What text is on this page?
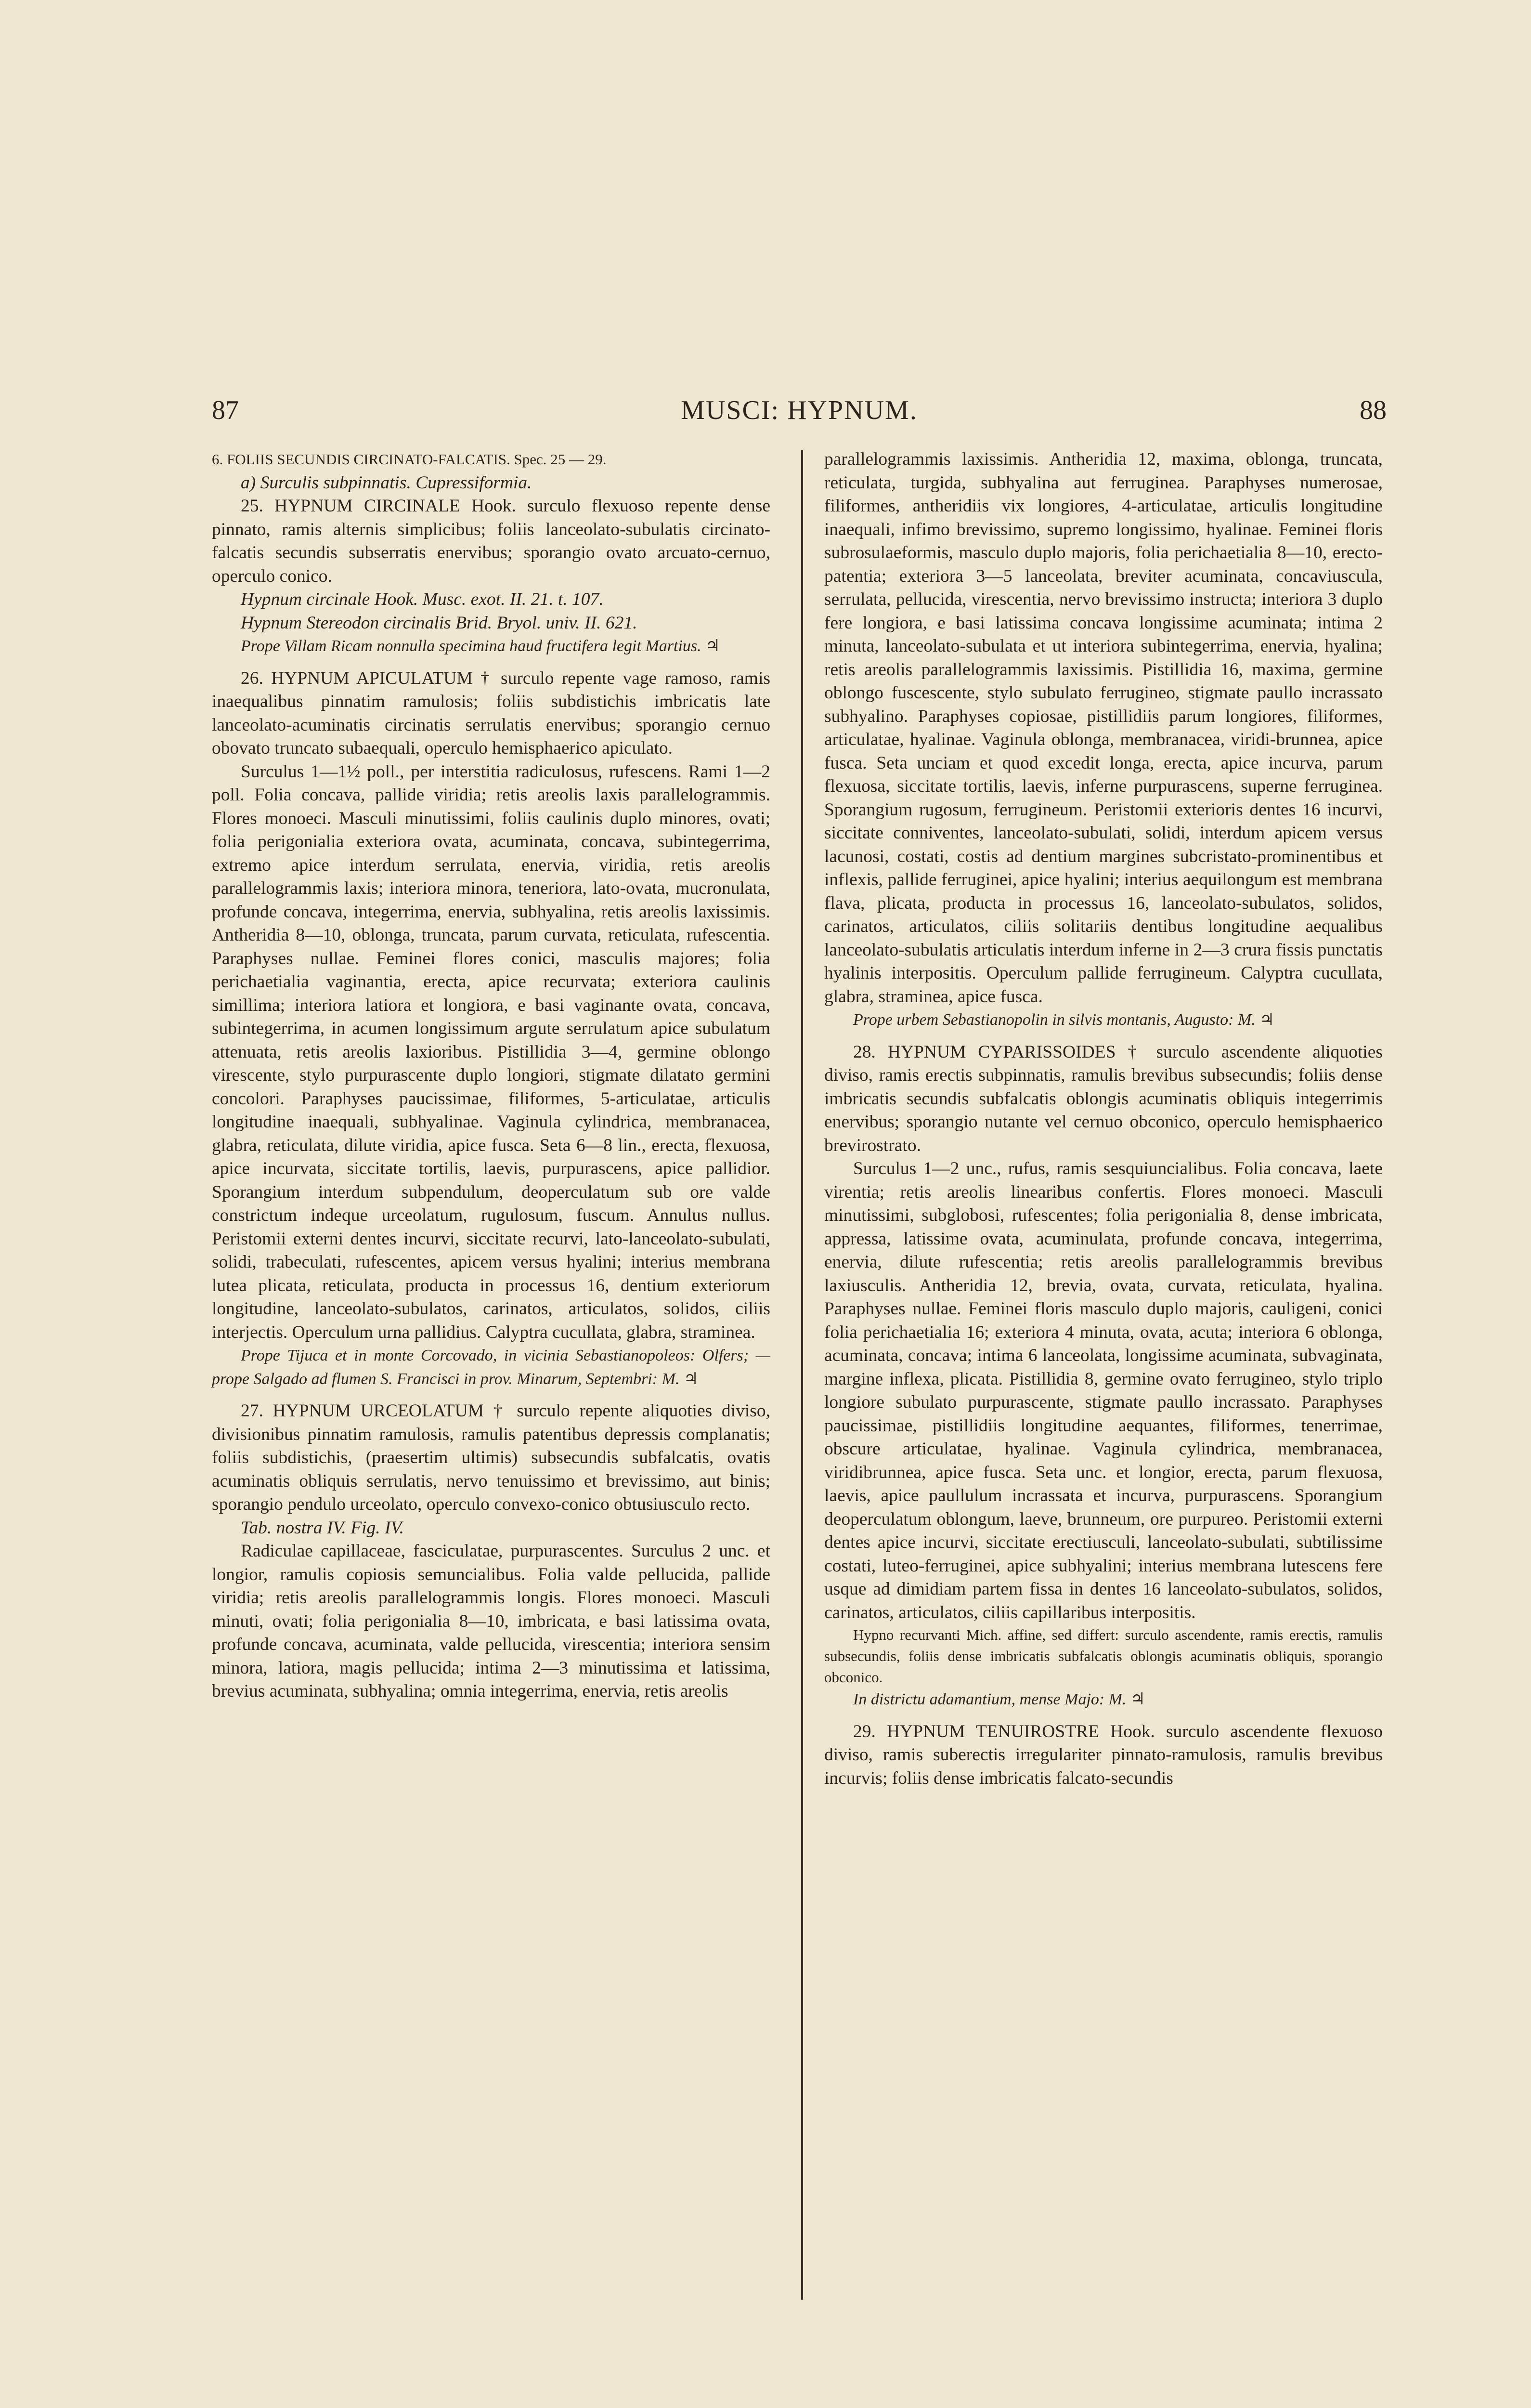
87	MUSCI: HYPNUM.	88

6. FOLIIS SECUNDIS CIRCINATO-FALCATIS. Spec. 25 — 29.

a) Surculis subpinnatis. Cupressiformia.

25. HYPNUM CIRCINALE Hook. surculo flexuoso repente dense pinnato, ramis alternis simplicibus; foliis lanceolato-subulatis circinato-falcatis secundis subserratis enervibus; sporangio ovato arcuato-cernuo, operculo conico.

Hypnum circinale Hook. Musc. exot. II. 21. t. 107.

Hypnum Stereodon circinalis Brid. Bryol. univ. II. 621.

Prope Villam Ricam nonnulla specimina haud fructifera legit Martius. ♃

26. HYPNUM APICULATUM † surculo repente vage ramoso, ramis inaequalibus pinnatim ramulosis; foliis subdistichis imbricatis late lanceolato-acuminatis circinatis serrulatis enervibus; sporangio cernuo obovato truncato subaequali, operculo hemisphaerico apiculato.

Surculus 1—1½ poll., per interstitia radiculosus, rufescens. Rami 1—2 poll. Folia concava, pallide viridia; retis areolis laxis parallelogrammis. Flores monoeci. Masculi minutissimi, foliis caulinis duplo minores, ovati; folia perigonialia exteriora ovata, acuminata, concava, subintegerrima, extremo apice interdum serrulata, enervia, viridia, retis areolis parallelogrammis laxis; interiora minora, teneriora, lato-ovata, mucronulata, profunde concava, integerrima, enervia, subhyalina, retis areolis laxissimis. Antheridia 8—10, oblonga, truncata, parum curvata, reticulata, rufescentia. Paraphyses nullae. Feminei flores conici, masculis majores; folia perichaetialia vaginantia, erecta, apice recurvata; exteriora caulinis simillima; interiora latiora et longiora, e basi vaginante ovata, concava, subintegerrima, in acumen longissimum argute serrulatum apice subulatum attenuata, retis areolis laxioribus. Pistillidia 3—4, germine oblongo virescente, stylo purpurascente duplo longiori, stigmate dilatato germini concolori. Paraphyses paucissimae, filiformes, 5-articulatae, articulis longitudine inaequali, subhyalinae. Vaginula cylindrica, membranacea, glabra, reticulata, dilute viridia, apice fusca. Seta 6—8 lin., erecta, flexuosa, apice incurvata, siccitate tortilis, laevis, purpurascens, apice pallidior. Sporangium interdum subpendulum, deoperculatum sub ore valde constrictum indeque urceolatum, rugulosum, fuscum. Annulus nullus. Peristomii externi dentes incurvi, siccitate recurvi, lato-lanceolato-subulati, solidi, trabeculati, rufescentes, apicem versus hyalini; interius membrana lutea plicata, reticulata, producta in processus 16, dentium exteriorum longitudine, lanceolato-subulatos, carinatos, articulatos, solidos, ciliis interjectis. Operculum urna pallidius. Calyptra cucullata, glabra, straminea.

Prope Tijuca et in monte Corcovado, in vicinia Sebastianopoleos: Olfers; — prope Salgado ad flumen S. Francisci in prov. Minarum, Septembri: M. ♃

27. HYPNUM URCEOLATUM † surculo repente aliquoties diviso, divisionibus pinnatim ramulosis, ramulis patentibus depressis complanatis; foliis subdistichis, (praesertim ultimis) subsecundis subfalcatis, ovatis acuminatis obliquis serrulatis, nervo tenuissimo et brevissimo, aut binis; sporangio pendulo urceolato, operculo convexo-conico obtusiusculo recto.

Tab. nostra IV. Fig. IV.

Radiculae capillaceae, fasciculatae, purpurascentes. Surculus 2 unc. et longior, ramulis copiosis semuncialibus. Folia valde pellucida, pallide viridia; retis areolis parallelogrammis longis. Flores monoeci. Masculi minuti, ovati; folia perigonialia 8—10, imbricata, e basi latissima ovata, profunde concava, acuminata, valde pellucida, virescentia; interiora sensim minora, latiora, magis pellucida; intima 2—3 minutissima et latissima, brevius acuminata, subhyalina; omnia integerrima, enervia, retis areolis

parallelogrammis laxissimis. Antheridia 12, maxima, oblonga, truncata, reticulata, turgida, subhyalina aut ferruginea. Paraphyses numerosae, filiformes, antheridiis vix longiores, 4-articulatae, articulis longitudine inaequali, infimo brevissimo, supremo longissimo, hyalinae. Feminei floris subrosulaeformis, masculo duplo majoris, folia perichaetialia 8—10, erecto-patentia; exteriora 3—5 lanceolata, breviter acuminata, concaviuscula, serrulata, pellucida, virescentia, nervo brevissimo instructa; interiora 3 duplo fere longiora, e basi latissima concava longissime acuminata; intima 2 minuta, lanceolato-subulata et ut interiora subintegerrima, enervia, hyalina; retis areolis parallelogrammis laxissimis. Pistillidia 16, maxima, germine oblongo fuscescente, stylo subulato ferrugineo, stigmate paullo incrassato subhyalino. Paraphyses copiosae, pistillidiis parum longiores, filiformes, articulatae, hyalinae. Vaginula oblonga, membranacea, viridi-brunnea, apice fusca. Seta unciam et quod excedit longa, erecta, apice incurva, parum flexuosa, siccitate tortilis, laevis, inferne purpurascens, superne ferruginea. Sporangium rugosum, ferrugineum. Peristomii exterioris dentes 16 incurvi, siccitate conniventes, lanceolato-subulati, solidi, interdum apicem versus lacunosi, costati, costis ad dentium margines subcristato-prominentibus et inflexis, pallide ferruginei, apice hyalini; interius aequilongum est membrana flava, plicata, producta in processus 16, lanceolato-subulatos, solidos, carinatos, articulatos, ciliis solitariis dentibus longitudine aequalibus lanceolato-subulatis articulatis interdum inferne in 2—3 crura fissis punctatis hyalinis interpositis. Operculum pallide ferrugineum. Calyptra cucullata, glabra, straminea, apice fusca.

Prope urbem Sebastianopolin in silvis montanis, Augusto: M. ♃

28. HYPNUM CYPARISSOIDES † surculo ascendente aliquoties diviso, ramis erectis subpinnatis, ramulis brevibus subsecundis; foliis dense imbricatis secundis subfalcatis oblongis acuminatis obliquis integerrimis enervibus; sporangio nutante vel cernuo obconico, operculo hemisphaerico brevirostrato.

Surculus 1—2 unc., rufus, ramis sesquiuncialibus. Folia concava, laete virentia; retis areolis linearibus confertis. Flores monoeci. Masculi minutissimi, subglobosi, rufescentes; folia perigonialia 8, dense imbricata, appressa, latissime ovata, acuminulata, profunde concava, integerrima, enervia, dilute rufescentia; retis areolis parallelogrammis brevibus laxiusculis. Antheridia 12, brevia, ovata, curvata, reticulata, hyalina. Paraphyses nullae. Feminei floris masculo duplo majoris, cauligeni, conici folia perichaetialia 16; exteriora 4 minuta, ovata, acuta; interiora 6 oblonga, acuminata, concava; intima 6 lanceolata, longissime acuminata, subvaginata, margine inflexa, plicata. Pistillidia 8, germine ovato ferrugineo, stylo triplo longiore subulato purpurascente, stigmate paullo incrassato. Paraphyses paucissimae, pistillidiis longitudine aequantes, filiformes, tenerrimae, obscure articulatae, hyalinae. Vaginula cylindrica, membranacea, viridibrunnea, apice fusca. Seta unc. et longior, erecta, parum flexuosa, laevis, apice paullulum incrassata et incurva, purpurascens. Sporangium deoperculatum oblongum, laeve, brunneum, ore purpureo. Peristomii externi dentes apice incurvi, siccitate erectiusculi, lanceolato-subulati, subtilissime costati, luteo-ferruginei, apice subhyalini; interius membrana lutescens fere usque ad dimidiam partem fissa in dentes 16 lanceolato-subulatos, solidos, carinatos, articulatos, ciliis capillaribus interpositis.

Hypno recurvanti Mich. affine, sed differt: surculo ascendente, ramis erectis, ramulis subsecundis, foliis dense imbricatis subfalcatis oblongis acuminatis obliquis, sporangio obconico.

In districtu adamantium, mense Majo: M. ♃

29. HYPNUM TENUIROSTRE Hook. surculo ascendente flexuoso diviso, ramis suberectis irregulariter pinnato-ramulosis, ramulis brevibus incurvis; foliis dense imbricatis falcato-secundis
